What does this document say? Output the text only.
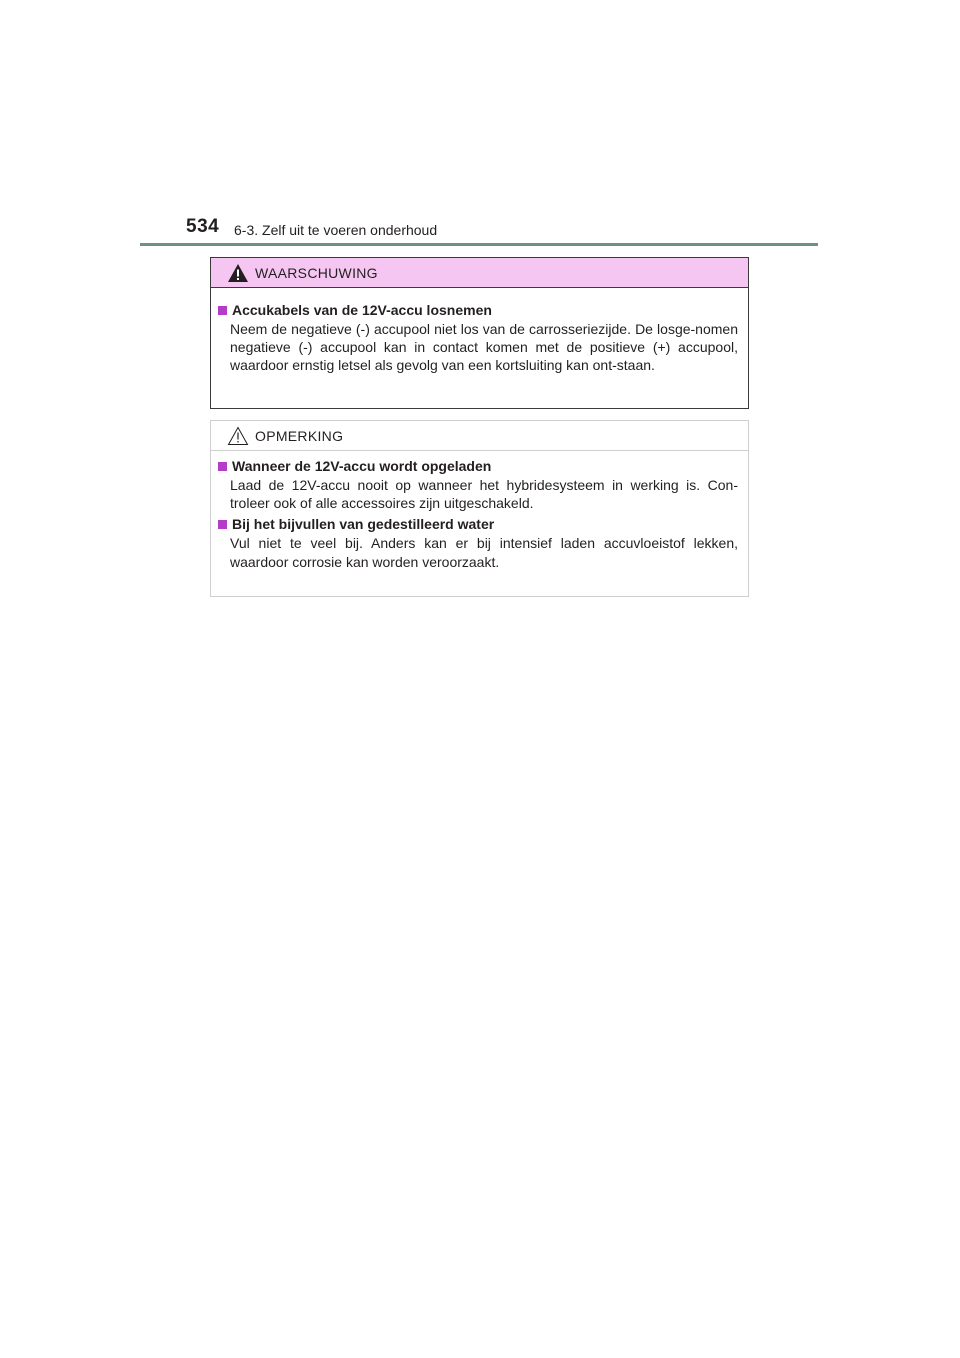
534 6-3. Zelf uit te voeren onderhoud
WAARSCHUWING
Accukabels van de 12V-accu losnemen
Neem de negatieve (-) accupool niet los van de carrosseriezijde. De losge-nomen negatieve (-) accupool kan in contact komen met de positieve (+) accupool, waardoor ernstig letsel als gevolg van een kortsluiting kan ont-staan.
OPMERKING
Wanneer de 12V-accu wordt opgeladen
Laad de 12V-accu nooit op wanneer het hybridesysteem in werking is. Con-troleer ook of alle accessoires zijn uitgeschakeld.
Bij het bijvullen van gedestilleerd water
Vul niet te veel bij. Anders kan er bij intensief laden accuvloeistof lekken, waardoor corrosie kan worden veroorzaakt.
